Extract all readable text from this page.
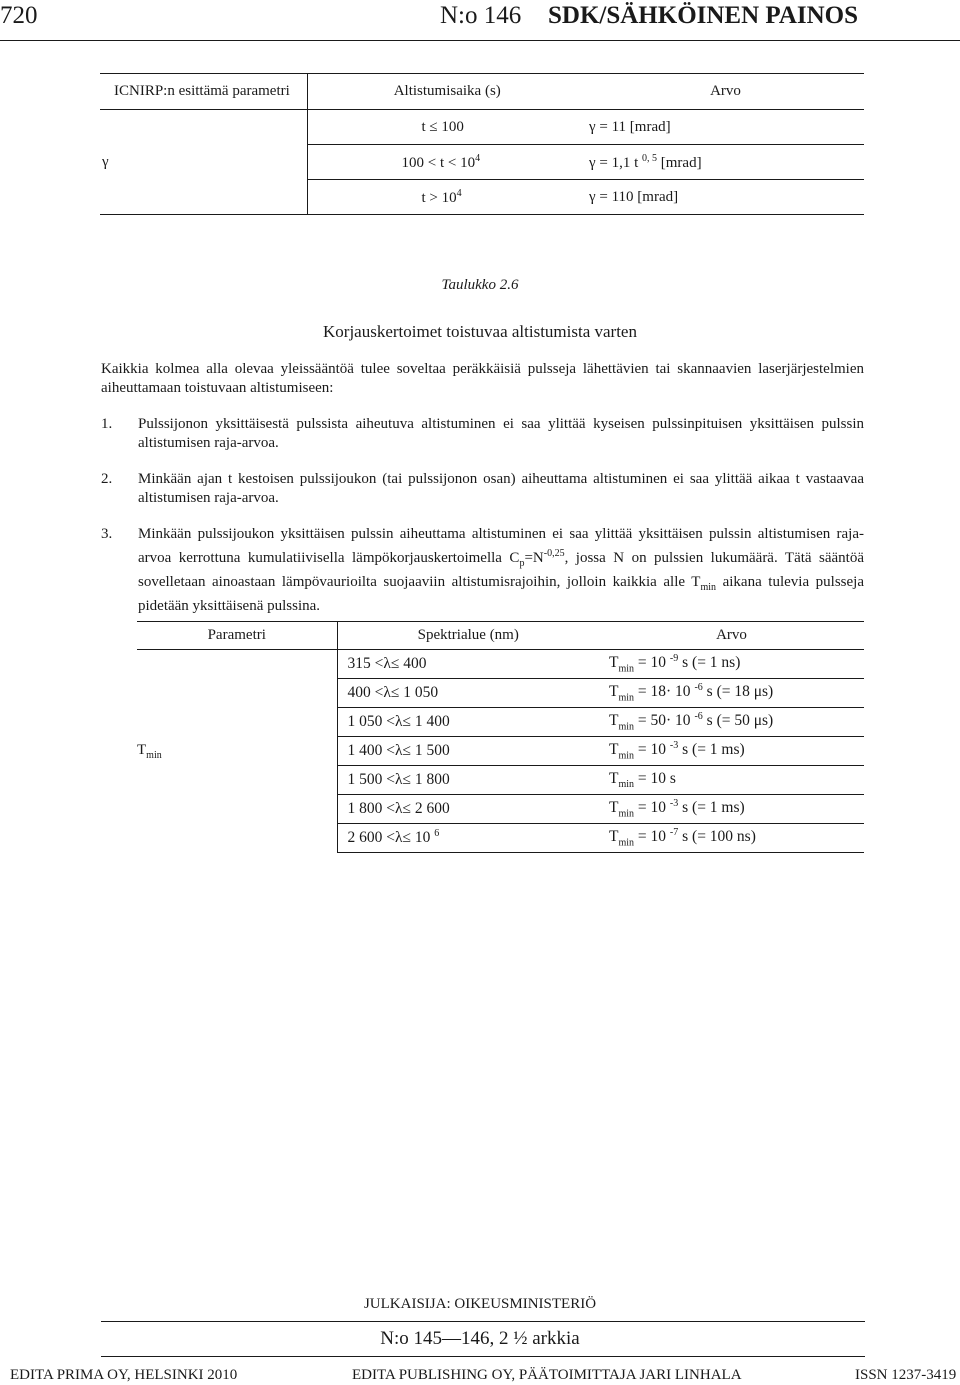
720	N:o 146 SDK/SÄHKÖINEN PAINOS
ICNIRP:n esittämä parametri	Altistumisaika (s)	Arvo
γ	t ≤ 100	γ = 11 [mrad]
	$100 < t < 10^4$	γ = 1,1 t $^{0, 5}$ [mrad]
	$t > 10^4$	γ = 110 [mrad]
Taulukko 2.6
Korjauskertoimet toistuvaa altistumista varten
Kaikkia kolmea alla olevaa yleissääntöä tulee soveltaa peräkkäisiä pulsseja lähettävien tai skannaavien laserjärjestelmien aiheuttamaan toistuvaan altistumiseen:
1. Pulssijonon yksittäisestä pulssista aiheutuva altistuminen ei saa ylittää kyseisen pulssinpituisen yksittäisen pulssin altistumisen raja-arvoa.
2. Minkään ajan t kestoisen pulssijoukon (tai pulssijonon osan) aiheuttama altistuminen ei saa ylittää aikaa t vastaavaa altistumisen raja-arvoa.
3. Minkään pulssijoukon yksittäisen pulssin aiheuttama altistuminen ei saa ylittää yksittäisen pulssin altistumisen raja-arvoa kerrottuna kumulatiivisella lämpökorjauskertoimella $C_p=N^{-0,25}$, jossa N on pulssien lukumäärä. Tätä sääntöä sovelletaan ainoastaan lämpövaurioilta suojaaviin altistumisrajoihin, jolloin kaikkia alle $T_{min}$ aikana tulevia pulsseja pidetään yksittäisenä pulssina.
Parametri	Spektrialue (nm)	Arvo
$T_{min}$	315 <λ≤ 400	$T_{min} = 10$ $^{-9}$ s (= 1 ns)
	400 <λ≤ 1 050	$T_{min} = 18\cdot 10$ $^{-6}$ s (= 18 μs)
	1 050 <λ≤ 1 400	$T_{min} = 50\cdot 10$ $^{-6}$ s (= 50 μs)
	1 400 <λ≤ 1 500	$T_{min} = 10$ $^{-3}$ s (= 1 ms)
	1 500 <λ≤ 1 800	$T_{min} = 10$ s
	1 800 <λ≤ 2 600	$T_{min} = 10$ $^{-3}$ s (= 1 ms)
	2 600 <λ≤ 10 $^6$	$T_{min} = 10$ $^{-7}$ s (= 100 ns)
JULKAISIJA: OIKEUSMINISTERIÖ
N:o 145—146, 2 ½ arkkia
EDITA PRIMA OY, HELSINKI 2010	EDITA PUBLISHING OY, PÄÄTOIMITTAJA JARI LINHALA	ISSN 1237-3419
